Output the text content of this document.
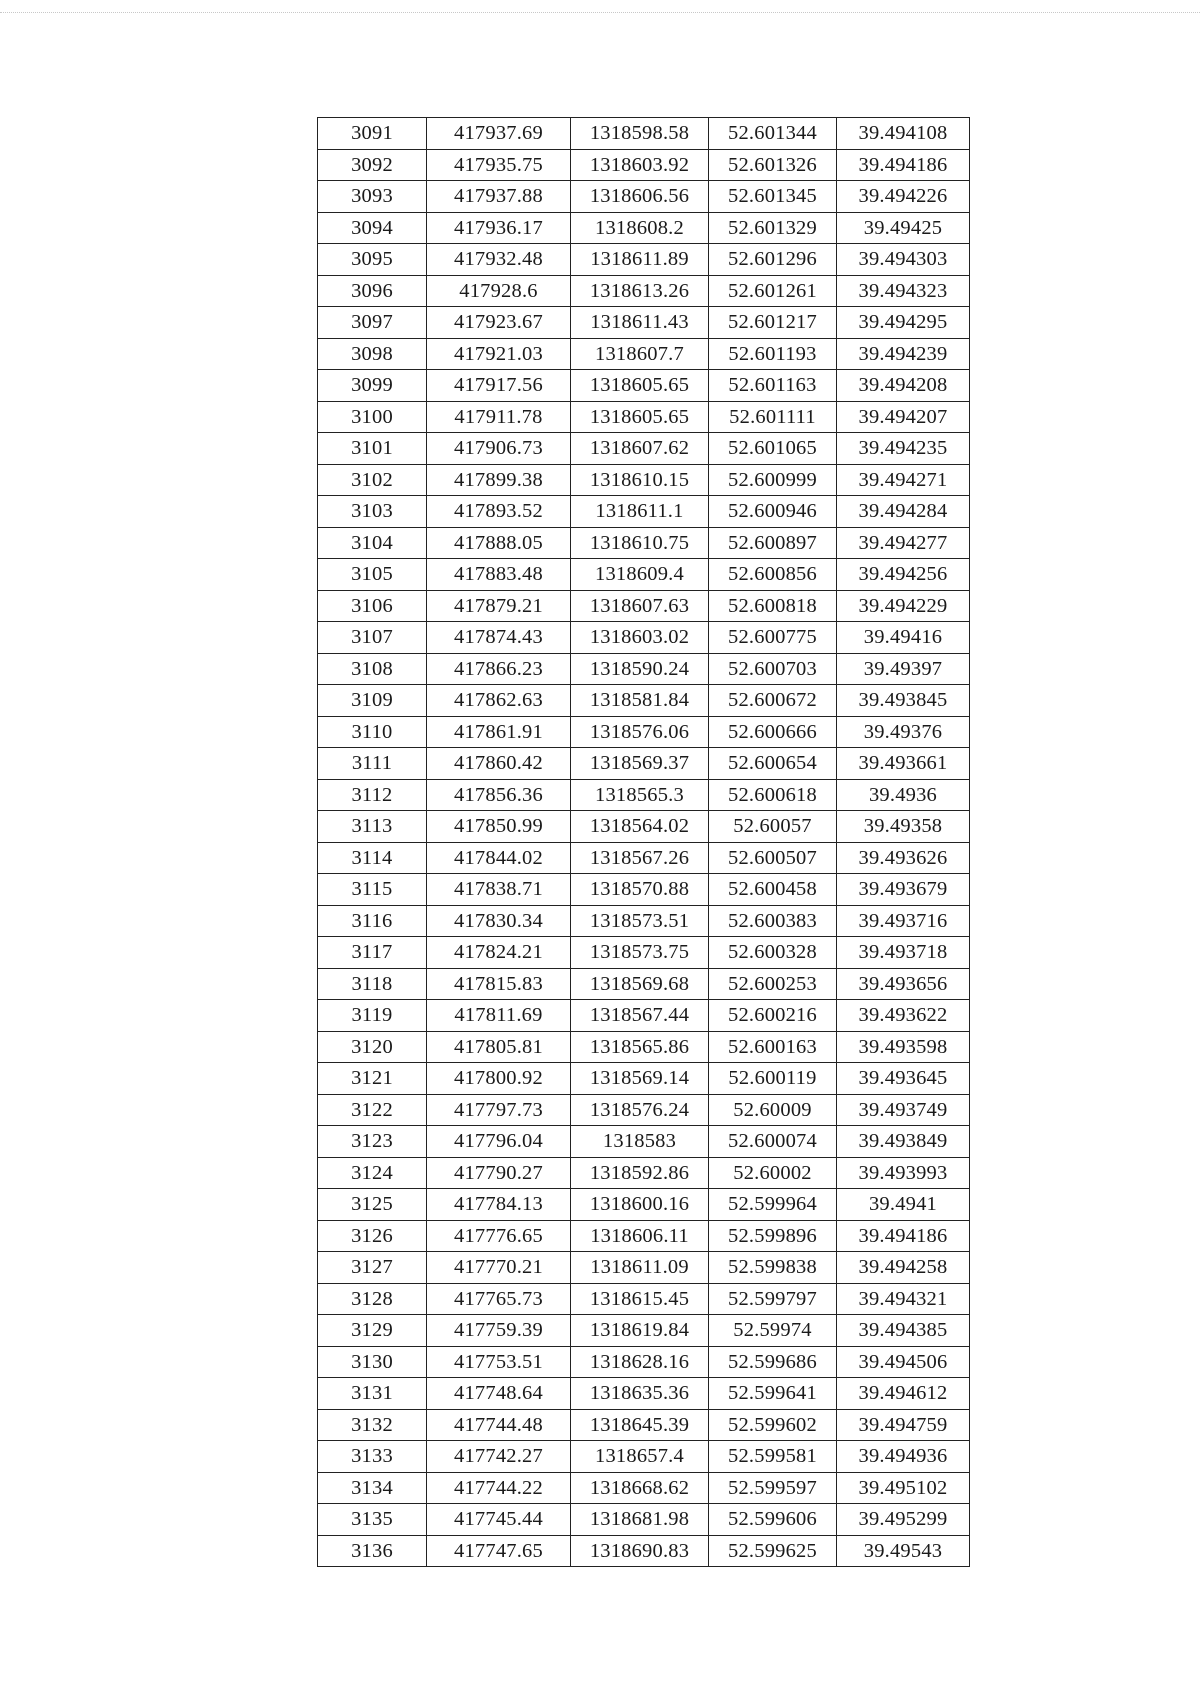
3091	417937.69	1318598.58	52.601344	39.494108
3092	417935.75	1318603.92	52.601326	39.494186
3093	417937.88	1318606.56	52.601345	39.494226
3094	417936.17	1318608.2	52.601329	39.49425
3095	417932.48	1318611.89	52.601296	39.494303
3096	417928.6	1318613.26	52.601261	39.494323
3097	417923.67	1318611.43	52.601217	39.494295
3098	417921.03	1318607.7	52.601193	39.494239
3099	417917.56	1318605.65	52.601163	39.494208
3100	417911.78	1318605.65	52.601111	39.494207
3101	417906.73	1318607.62	52.601065	39.494235
3102	417899.38	1318610.15	52.600999	39.494271
3103	417893.52	1318611.1	52.600946	39.494284
3104	417888.05	1318610.75	52.600897	39.494277
3105	417883.48	1318609.4	52.600856	39.494256
3106	417879.21	1318607.63	52.600818	39.494229
3107	417874.43	1318603.02	52.600775	39.49416
3108	417866.23	1318590.24	52.600703	39.49397
3109	417862.63	1318581.84	52.600672	39.493845
3110	417861.91	1318576.06	52.600666	39.49376
3111	417860.42	1318569.37	52.600654	39.493661
3112	417856.36	1318565.3	52.600618	39.4936
3113	417850.99	1318564.02	52.60057	39.49358
3114	417844.02	1318567.26	52.600507	39.493626
3115	417838.71	1318570.88	52.600458	39.493679
3116	417830.34	1318573.51	52.600383	39.493716
3117	417824.21	1318573.75	52.600328	39.493718
3118	417815.83	1318569.68	52.600253	39.493656
3119	417811.69	1318567.44	52.600216	39.493622
3120	417805.81	1318565.86	52.600163	39.493598
3121	417800.92	1318569.14	52.600119	39.493645
3122	417797.73	1318576.24	52.60009	39.493749
3123	417796.04	1318583	52.600074	39.493849
3124	417790.27	1318592.86	52.60002	39.493993
3125	417784.13	1318600.16	52.599964	39.4941
3126	417776.65	1318606.11	52.599896	39.494186
3127	417770.21	1318611.09	52.599838	39.494258
3128	417765.73	1318615.45	52.599797	39.494321
3129	417759.39	1318619.84	52.59974	39.494385
3130	417753.51	1318628.16	52.599686	39.494506
3131	417748.64	1318635.36	52.599641	39.494612
3132	417744.48	1318645.39	52.599602	39.494759
3133	417742.27	1318657.4	52.599581	39.494936
3134	417744.22	1318668.62	52.599597	39.495102
3135	417745.44	1318681.98	52.599606	39.495299
3136	417747.65	1318690.83	52.599625	39.49543
